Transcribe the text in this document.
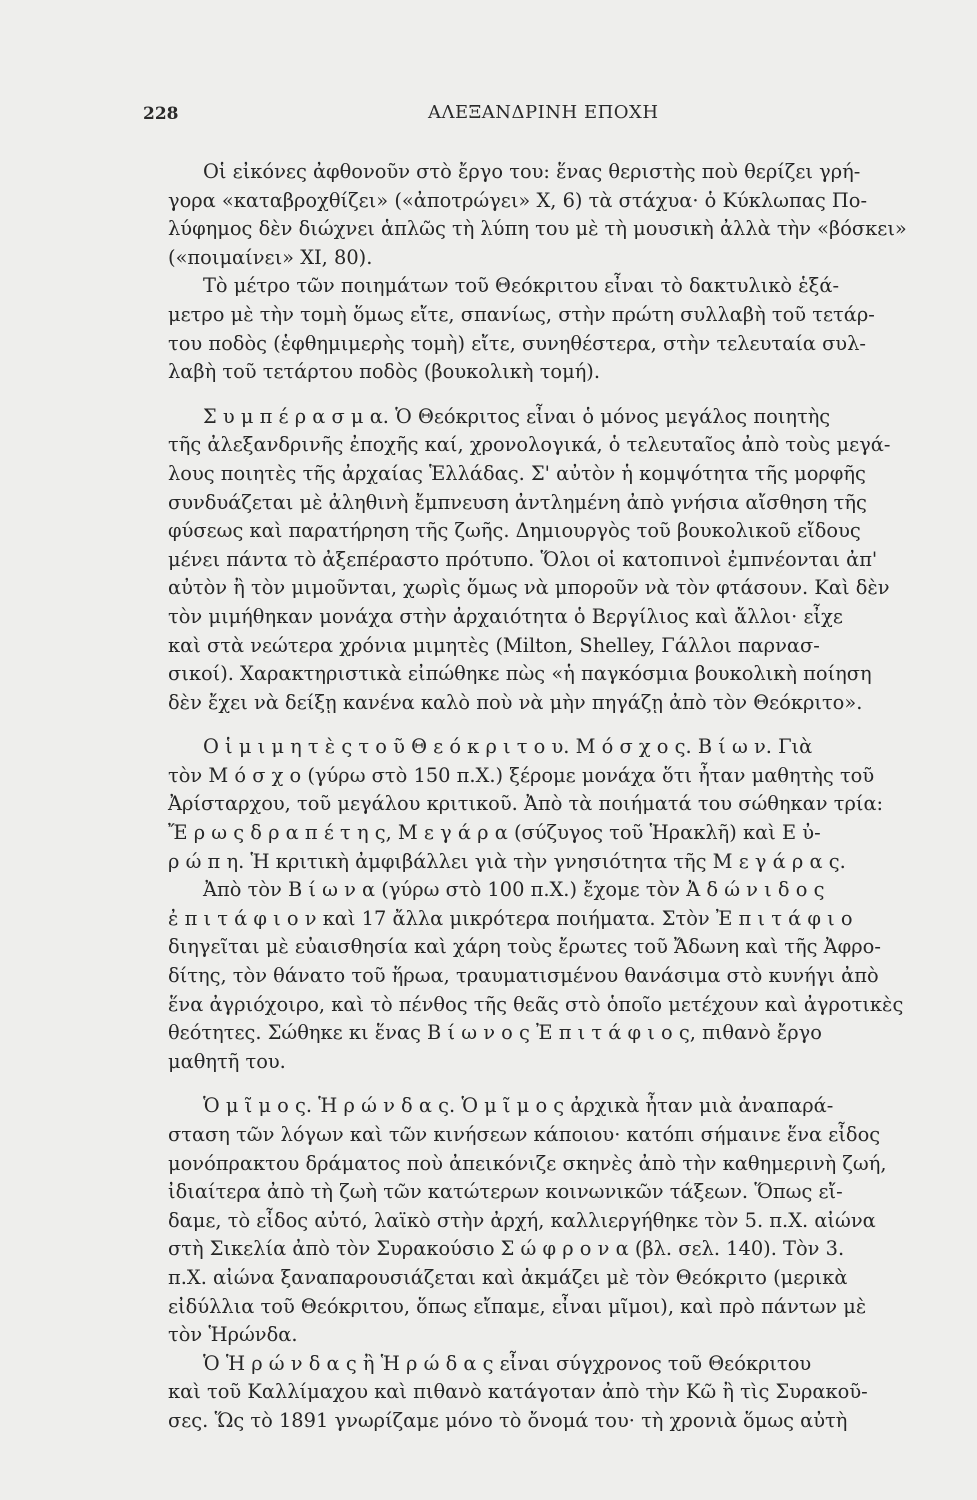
228	ΑΛΕΞΑΝΔΡΙΝΗ ΕΠΟΧΗ
Οἱ εἰκόνες ἀφθονοῦν στὸ ἔργο του: ἕνας θεριστὴς ποὺ θερίζει γρή-
γορα «καταβροχθίζει» («ἀποτρώγει» Χ, 6) τὰ στάχυα· ὁ Κύκλωπας Πο-
λύφημος δὲν διώχνει ἁπλῶς τὴ λύπη του μὲ τὴ μουσικὴ ἀλλὰ τὴν «βόσκει»
(«ποιμαίνει» XI, 80).
Τὸ μέτρο τῶν ποιημάτων τοῦ Θεόκριτου εἶναι τὸ δακτυλικὸ ἑξά-
μετρο μὲ τὴν τομὴ ὅμως εἴτε, σπανίως, στὴν πρώτη συλλαβὴ τοῦ τετάρ-
του ποδὸς (ἑφθημιμερὴς τομὴ) εἴτε, συνηθέστερα, στὴν τελευταία συλ-
λαβὴ τοῦ τετάρτου ποδὸς (βουκολικὴ τομή).
Σ υ μ π έ ρ α σ μ α. Ὁ Θεόκριτος εἶναι ὁ μόνος μεγάλος ποιητὴς
τῆς ἀλεξανδρινῆς ἐποχῆς καί, χρονολογικά, ὁ τελευταῖος ἀπὸ τοὺς μεγά-
λους ποιητὲς τῆς ἀρχαίας Ἑλλάδας. Σ' αὐτὸν ἡ κομψότητα τῆς μορφῆς
συνδυάζεται μὲ ἀληθινὴ ἔμπνευση ἀντλημένη ἀπὸ γνήσια αἴσθηση τῆς
φύσεως καὶ παρατήρηση τῆς ζωῆς. Δημιουργὸς τοῦ βουκολικοῦ εἴδους
μένει πάντα τὸ ἀξεπέραστο πρότυπο. Ὅλοι οἱ κατοπινοὶ ἐμπνέονται ἀπ'
αὐτὸν ἢ τὸν μιμοῦνται, χωρὶς ὅμως νὰ μποροῦν νὰ τὸν φτάσουν. Καὶ δὲν
τὸν μιμήθηκαν μονάχα στὴν ἀρχαιότητα ὁ Βεργίλιος καὶ ἄλλοι· εἶχε
καὶ στὰ νεώτερα χρόνια μιμητὲς (Milton, Shelley, Γάλλοι παρνασ-
σικοί). Χαρακτηριστικὰ εἰπώθηκε πὼς «ἡ παγκόσμια βουκολικὴ ποίηση
δὲν ἔχει νὰ δείξῃ κανένα καλὸ ποὺ νὰ μὴν πηγάζῃ ἀπὸ τὸν Θεόκριτο».
Ο ἱ μ ι μ η τ ὲ ς τ ο ῦ Θ ε ό κ ρ ι τ ο υ. Μ ό σ χ ο ς. Β ί ω ν. Γιὰ
τὸν Μ ό σ χ ο (γύρω στὸ 150 π.Χ.) ξέρομε μονάχα ὅτι ἦταν μαθητὴς τοῦ
Ἀρίσταρχου, τοῦ μεγάλου κριτικοῦ. Ἀπὸ τὰ ποιήματά του σώθηκαν τρία:
Ἔ ρ ω ς δ ρ α π έ τ η ς, Μ ε γ ά ρ α (σύζυγος τοῦ Ἡρακλῆ) καὶ Ε ὐ-
ρ ώ π η. Ἡ κριτικὴ ἀμφιβάλλει γιὰ τὴν γνησιότητα τῆς Μ ε γ ά ρ α ς.
Ἀπὸ τὸν Β ί ω ν α (γύρω στὸ 100 π.Χ.) ἔχομε τὸν Ἀ δ ώ ν ι δ ο ς
ἐ π ι τ ά φ ι ο ν καὶ 17 ἄλλα μικρότερα ποιήματα. Στὸν Ἐ π ι τ ά φ ι ο
διηγεῖται μὲ εὐαισθησία καὶ χάρη τοὺς ἔρωτες τοῦ Ἄδωνη καὶ τῆς Ἀφρο-
δίτης, τὸν θάνατο τοῦ ἥρωα, τραυματισμένου θανάσιμα στὸ κυνήγι ἀπὸ
ἕνα ἀγριόχοιρο, καὶ τὸ πένθος τῆς θεᾶς στὸ ὁποῖο μετέχουν καὶ ἀγροτικὲς
θεότητες. Σώθηκε κι ἕνας Β ί ω ν ο ς Ἐ π ι τ ά φ ι ο ς, πιθανὸ ἔργο
μαθητῆ του.
Ὁ μ ῖ μ ο ς. Ἡ ρ ώ ν δ α ς. Ὁ μ ῖ μ ο ς ἀρχικὰ ἦταν μιὰ ἀναπαρά-
σταση τῶν λόγων καὶ τῶν κινήσεων κάποιου· κατόπι σήμαινε ἕνα εἶδος
μονόπρακτου δράματος ποὺ ἀπεικόνιζε σκηνὲς ἀπὸ τὴν καθημερινὴ ζωή,
ἰδιαίτερα ἀπὸ τὴ ζωὴ τῶν κατώτερων κοινωνικῶν τάξεων. Ὅπως εἴ-
δαμε, τὸ εἶδος αὐτό, λαϊκὸ στὴν ἀρχή, καλλιεργήθηκε τὸν 5. π.Χ. αἰώνα
στὴ Σικελία ἀπὸ τὸν Συρακούσιο Σ ώ φ ρ ο ν α (βλ. σελ. 140). Τὸν 3.
π.Χ. αἰώνα ξαναπαρουσιάζεται καὶ ἀκμάζει μὲ τὸν Θεόκριτο (μερικὰ
εἰδύλλια τοῦ Θεόκριτου, ὅπως εἴπαμε, εἶναι μῖμοι), καὶ πρὸ πάντων μὲ
τὸν Ἡρώνδα.
Ὁ Ἡ ρ ώ ν δ α ς ἢ Ἡ ρ ώ δ α ς εἶναι σύγχρονος τοῦ Θεόκριτου
καὶ τοῦ Καλλίμαχου καὶ πιθανὸ κατάγοταν ἀπὸ τὴν Κῶ ἢ τὶς Συρακοῦ-
σες. Ὥς τὸ 1891 γνωρίζαμε μόνο τὸ ὄνομά του· τὴ χρονιὰ ὅμως αὐτὴ
